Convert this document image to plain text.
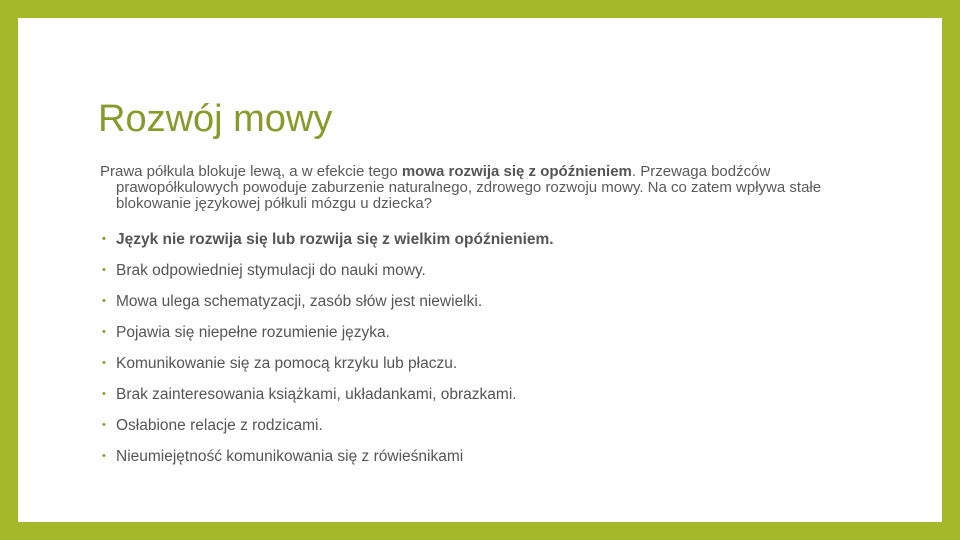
Rozwój mowy

Prawa półkula blokuje lewą, a w efekcie tego mowa rozwija się z opóźnieniem. Przewaga bodźców prawopółkulowych powoduje zaburzenie naturalnego, zdrowego rozwoju mowy. Na co zatem wpływa stałe blokowanie językowej półkuli mózgu u dziecka?

• Język nie rozwija się lub rozwija się z wielkim opóźnieniem.
• Brak odpowiedniej stymulacji do nauki mowy.
• Mowa ulega schematyzacji, zasób słów jest niewielki.
• Pojawia się niepełne rozumienie języka.
• Komunikowanie się za pomocą krzyku lub płaczu.
• Brak zainteresowania książkami, układankami, obrazkami.
• Osłabione relacje z rodzicami.
• Nieumiejętność komunikowania się z rówieśnikami
